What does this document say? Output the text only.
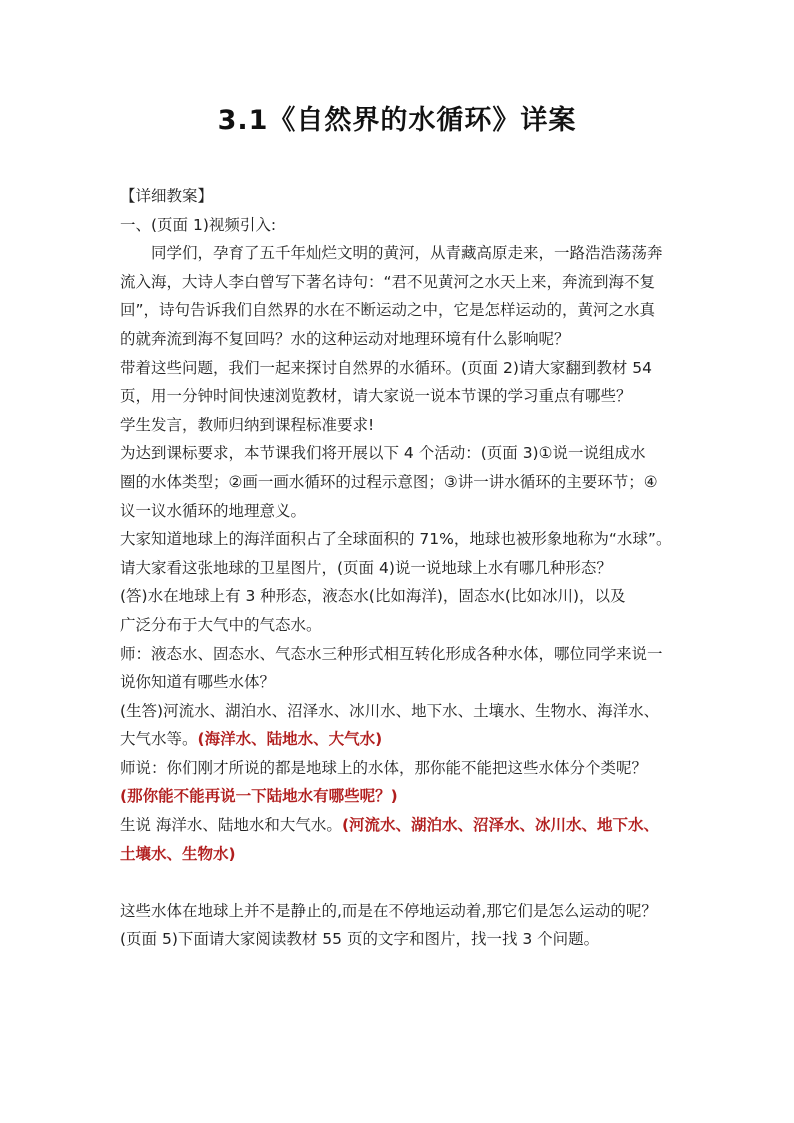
3.1《自然界的水循环》详案
【详细教案】
一、(页面 1)视频引入:
同学们，孕育了五千年灿烂文明的黄河，从青藏高原走来，一路浩浩荡荡奔
流入海，大诗人李白曾写下著名诗句：“君不见黄河之水天上来，奔流到海不复
回”，诗句告诉我们自然界的水在不断运动之中，它是怎样运动的，黄河之水真
的就奔流到海不复回吗？水的这种运动对地理环境有什么影响呢？
带着这些问题，我们一起来探讨自然界的水循环。(页面 2)请大家翻到教材 54
页，用一分钟时间快速浏览教材，请大家说一说本节课的学习重点有哪些？
学生发言，教师归纳到课程标准要求!
为达到课标要求，本节课我们将开展以下 4 个活动：(页面 3)①说一说组成水
圈的水体类型；②画一画水循环的过程示意图；③讲一讲水循环的主要环节；④
议一议水循环的地理意义。
大家知道地球上的海洋面积占了全球面积的 71%，地球也被形象地称为“水球”。
请大家看这张地球的卫星图片，(页面 4)说一说地球上水有哪几种形态？
(答)水在地球上有 3 种形态，液态水(比如海洋)，固态水(比如冰川)，以及
广泛分布于大气中的气态水。
师：液态水、固态水、气态水三种形式相互转化形成各种水体，哪位同学来说一
说你知道有哪些水体？
(生答)河流水、湖泊水、沼泽水、冰川水、地下水、土壤水、生物水、海洋水、
大气水等。(海洋水、陆地水、大气水)
师说：你们刚才所说的都是地球上的水体，那你能不能把这些水体分个类呢？
(那你能不能再说一下陆地水有哪些呢？)
生说 海洋水、陆地水和大气水。(河流水、湖泊水、沼泽水、冰川水、地下水、
土壤水、生物水)
这些水体在地球上并不是静止的,而是在不停地运动着,那它们是怎么运动的呢？
(页面 5)下面请大家阅读教材 55 页的文字和图片，找一找 3 个问题。
